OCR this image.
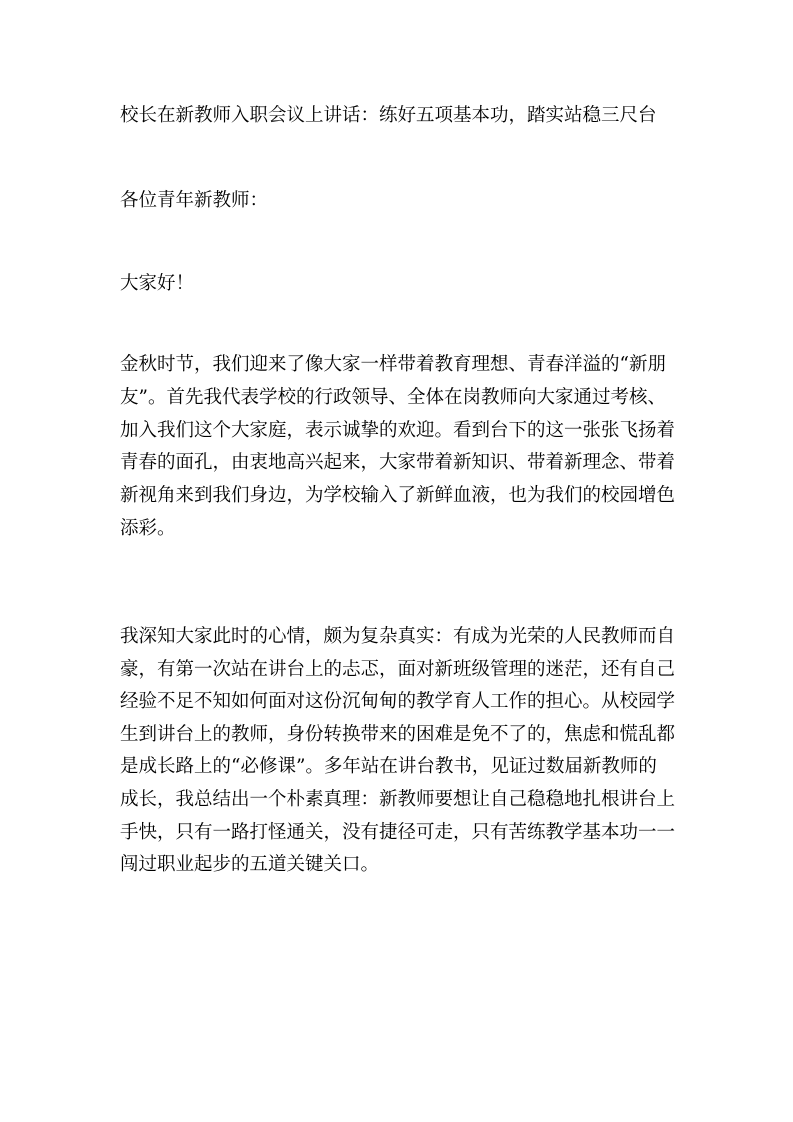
校长在新教师入职会议上讲话：练好五项基本功，踏实站稳三尺台

各位青年新教师：

大家好！

金秋时节，我们迎来了像大家一样带着教育理想、青春洋溢的“新朋
友”。首先我代表学校的行政领导、全体在岗教师向大家通过考核、
加入我们这个大家庭，表示诚挚的欢迎。看到台下的这一张张飞扬着
青春的面孔，由衷地高兴起来，大家带着新知识、带着新理念、带着
新视角来到我们身边，为学校输入了新鲜血液，也为我们的校园增色
添彩。
我深知大家此时的心情，颇为复杂真实：有成为光荣的人民教师而自
豪，有第一次站在讲台上的忐忑，面对新班级管理的迷茫，还有自己
经验不足不知如何面对这份沉甸甸的教学育人工作的担心。从校园学
生到讲台上的教师，身份转换带来的困难是免不了的，焦虑和慌乱都
是成长路上的“必修课”。多年站在讲台教书，见证过数届新教师的
成长，我总结出一个朴素真理：新教师要想让自己稳稳地扎根讲台上
手快，只有一路打怪通关，没有捷径可走，只有苦练教学基本功一一
闯过职业起步的五道关键关口。
